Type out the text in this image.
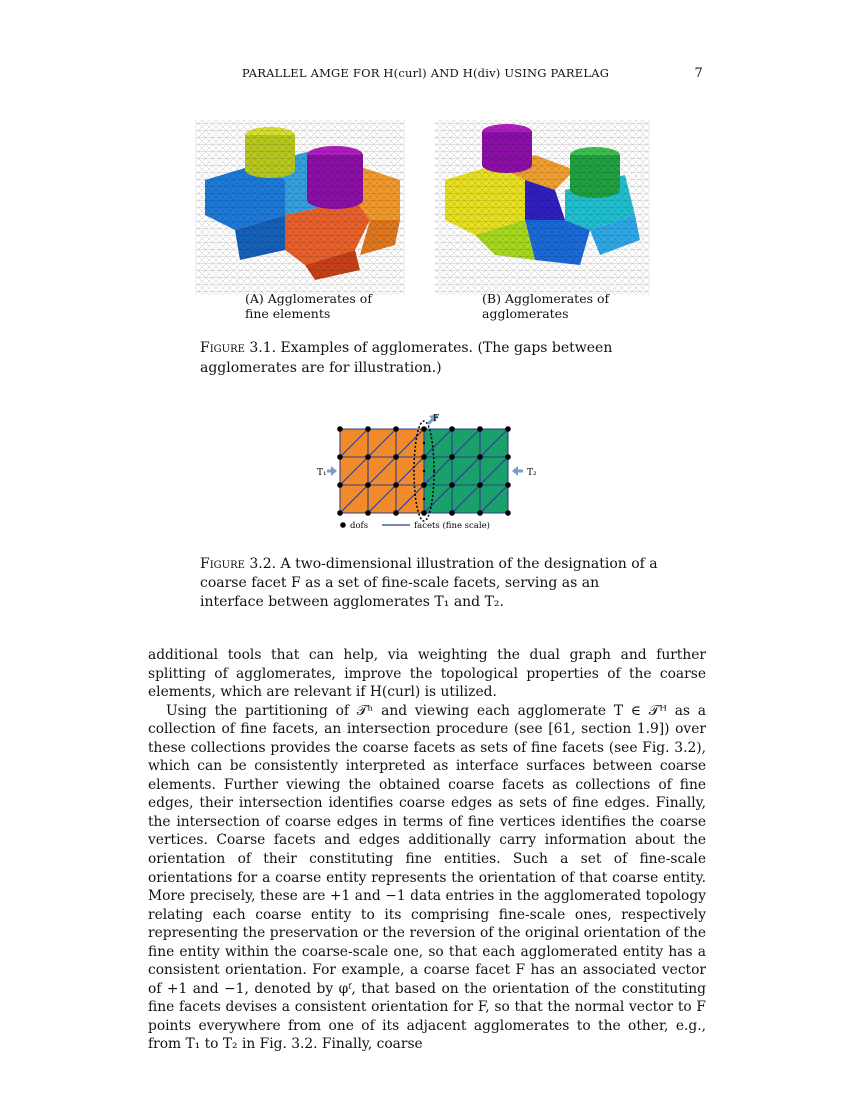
PARALLEL AMGE FOR H(curl) AND H(div) USING PARELAG	7
(A) Agglomerates of fine elements
(B) Agglomerates of agglomerates
Figure 3.1. Examples of agglomerates. (The gaps between agglomerates are for illustration.)
F
T₁	T₂
dofs	facets (fine scale)
Figure 3.2. A two-dimensional illustration of the designation of a coarse facet F as a set of fine-scale facets, serving as an interface between agglomerates T₁ and T₂.

additional tools that can help, via weighting the dual graph and further splitting of agglomerates, improve the topological properties of the coarse elements, which are relevant if H(curl) is utilized.

Using the partitioning of 𝒯ʰ and viewing each agglomerate T ∈ 𝒯ᴴ as a collection of fine facets, an intersection procedure (see [61, section 1.9]) over these collections provides the coarse facets as sets of fine facets (see Fig. 3.2), which can be consistently interpreted as interface surfaces between coarse elements. Further viewing the obtained coarse facets as collections of fine edges, their intersection identifies coarse edges as sets of fine edges. Finally, the intersection of coarse edges in terms of fine vertices identifies the coarse vertices. Coarse facets and edges additionally carry information about the orientation of their constituting fine entities. Such a set of fine-scale orientations for a coarse entity represents the orientation of that coarse entity. More precisely, these are +1 and −1 data entries in the agglomerated topology relating each coarse entity to its comprising fine-scale ones, respectively representing the preservation or the reversion of the original orientation of the fine entity within the coarse-scale one, so that each agglomerated entity has a consistent orientation. For example, a coarse facet F has an associated vector of +1 and −1, denoted by φᶠ, that based on the orientation of the constituting fine facets devises a consistent orientation for F, so that the normal vector to F points everywhere from one of its adjacent agglomerates to the other, e.g., from T₁ to T₂ in Fig. 3.2. Finally, coarse
